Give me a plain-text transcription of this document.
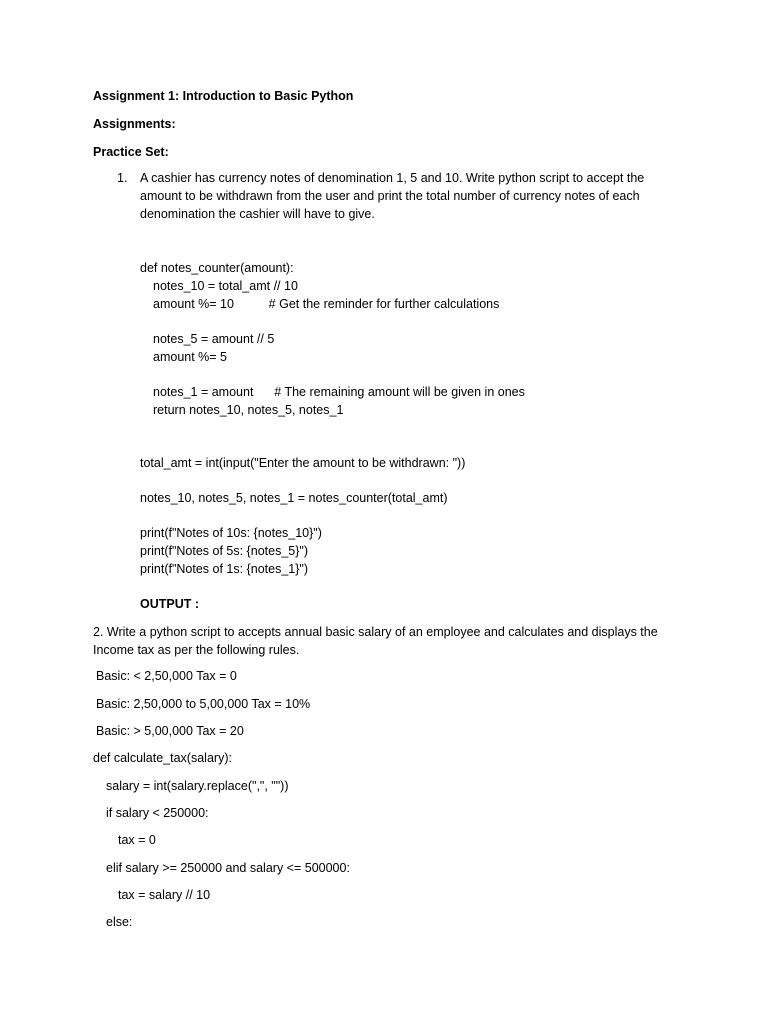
Assignment 1: Introduction to Basic Python
Assignments:
Practice Set:
1. A cashier has currency notes of denomination 1, 5 and 10. Write python script to accept the amount to be withdrawn from the user and print the total number of currency notes of each denomination the cashier will have to give.
def notes_counter(amount):
notes_10 = total_amt // 10
amount %= 10          # Get the reminder for further calculations
notes_5 = amount // 5
amount %= 5
notes_1 = amount      # The remaining amount will be given in ones
return notes_10, notes_5, notes_1
total_amt = int(input("Enter the amount to be withdrawn: "))
notes_10, notes_5, notes_1 = notes_counter(total_amt)
print(f"Notes of 10s: {notes_10}")
print(f"Notes of 5s: {notes_5}")
print(f"Notes of 1s: {notes_1}")
OUTPUT :
2. Write a python script to accepts annual basic salary of an employee and calculates and displays the Income tax as per the following rules.
Basic: < 2,50,000 Tax = 0
Basic: 2,50,000 to 5,00,000 Tax = 10%
Basic: > 5,00,000 Tax = 20
def calculate_tax(salary):
salary = int(salary.replace(",", ""))
if salary < 250000:
tax = 0
elif salary >= 250000 and salary <= 500000:
tax = salary // 10
else:
